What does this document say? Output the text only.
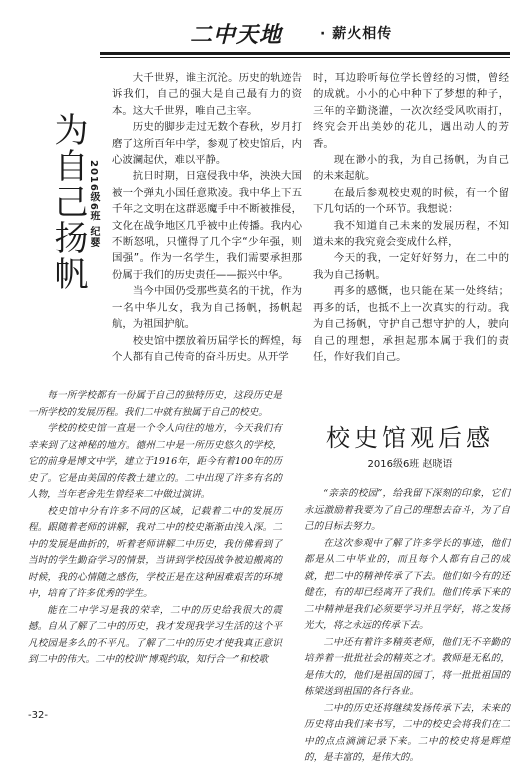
二中天地	· 薪火相传
为自己扬帆 2016级6班 纪婴

大千世界，谁主沉沦。历史的轨迹告诉我们，自己的强大是自己最有力的资本。这大千世界，唯自己主宰。

历史的脚步走过无数个春秋，岁月打磨了这所百年中学，参观了校史馆后，内心波澜起伏，难以平静。

抗日时期，日寇侵我中华，泱泱大国被一个弹丸小国任意欺凌。我中华上下五千年之文明在这群恶魔手中不断被推侵，文化在战争地区几乎被中止传播。我内心不断怒吼，只懂得了几个字“少年强，则国强”。作为一名学生，我们需要承担那份属于我们的历史责任——振兴中华。

当今中国仍受那些莫名的干扰，作为一名中华儿女，我为自己扬帆，扬帆起航，为祖国护航。

校史馆中摆放着历届学长的辉煌，每个人都有自己传奇的奋斗历史。从开学

时，耳边聆听每位学长曾经的习惯，曾经的成就。小小的心中种下了梦想的种子，三年的辛勤浇灌，一次次经受风吹雨打，终究会开出美妙的花儿，遇出动人的芳香。

现在渺小的我，为自己扬帆，为自己的未来起航。

在最后参观校史观的时候，有一个留下几句话的一个环节。我想说：

我不知道自己未来的发展历程，不知道未来的我究竟会变成什么样，

今天的我，一定好好努力，在二中的我为自己扬帆。

再多的感慨，也只能在某一处终结；再多的话，也抵不上一次真实的行动。我为自己扬帆，守护自己想守护的人，驶向自己的理想，承担起那本属于我们的责任，作好我们自己。

每一所学校都有一份属于自己的独特历史，这段历史是一所学校的发展历程。我们二中就有独属于自己的校史。

学校的校史馆一直是一个令人向往的地方，今天我们有幸来到了这神秘的地方。德州二中是一所历史悠久的学校，它的前身是博文中学，建立于1916年，距今有着100年的历史了。它是由美国的传教士建立的。二中出现了许多有名的人物，当年老舍先生曾经来二中做过演讲。

校史馆中分有许多不同的区域，记载着二中的发展历程。跟随着老师的讲解，我对二中的校史渐渐由浅入深。二中的发展是曲折的，听着老师讲解二中历史，我仿佛看到了当时的学生勤奋学习的情景，当讲到学校因战争被迫搬离的时候，我的心情随之感伤，学校正是在这种困难艰苦的环境中，培育了许多优秀的学生。

能在二中学习是我的荣幸，二中的历史给我很大的震撼。自从了解了二中的历史，我才发现我学习生活的这个平凡校园是多么的不平凡。了解了二中的历史才使我真正意识到二中的伟大。二中的校训“博观约取，知行合一”和校歌

校史馆观后感
2016级6班 赵晓语

“亲亲的校园”，给我留下深刻的印象，它们永远激励着我要为了自己的理想去奋斗，为了自己的目标去努力。

在这次参观中了解了许多学长的事迹，他们都是从二中毕业的，而且每个人都有自己的成就，把二中的精神传承了下去。他们如今有的还健在，有的却已经离开了我们。他们传承下来的二中精神是我们必须要学习并且学好，将之发扬光大，将之永远的传承下去。

二中还有着许多精英老师，他们无不辛勤的培养着一批批社会的精英之才。教师是无私的，是伟大的，他们是祖国的园丁，将一批批祖国的栋梁送到祖国的各行各业。

二中的历史还将继续发扬传承下去，未来的历史将由我们来书写，二中的校史会将我们在二中的点点滴滴记录下来。二中的校史将是辉煌的，是丰富的，是伟大的。

-32-
